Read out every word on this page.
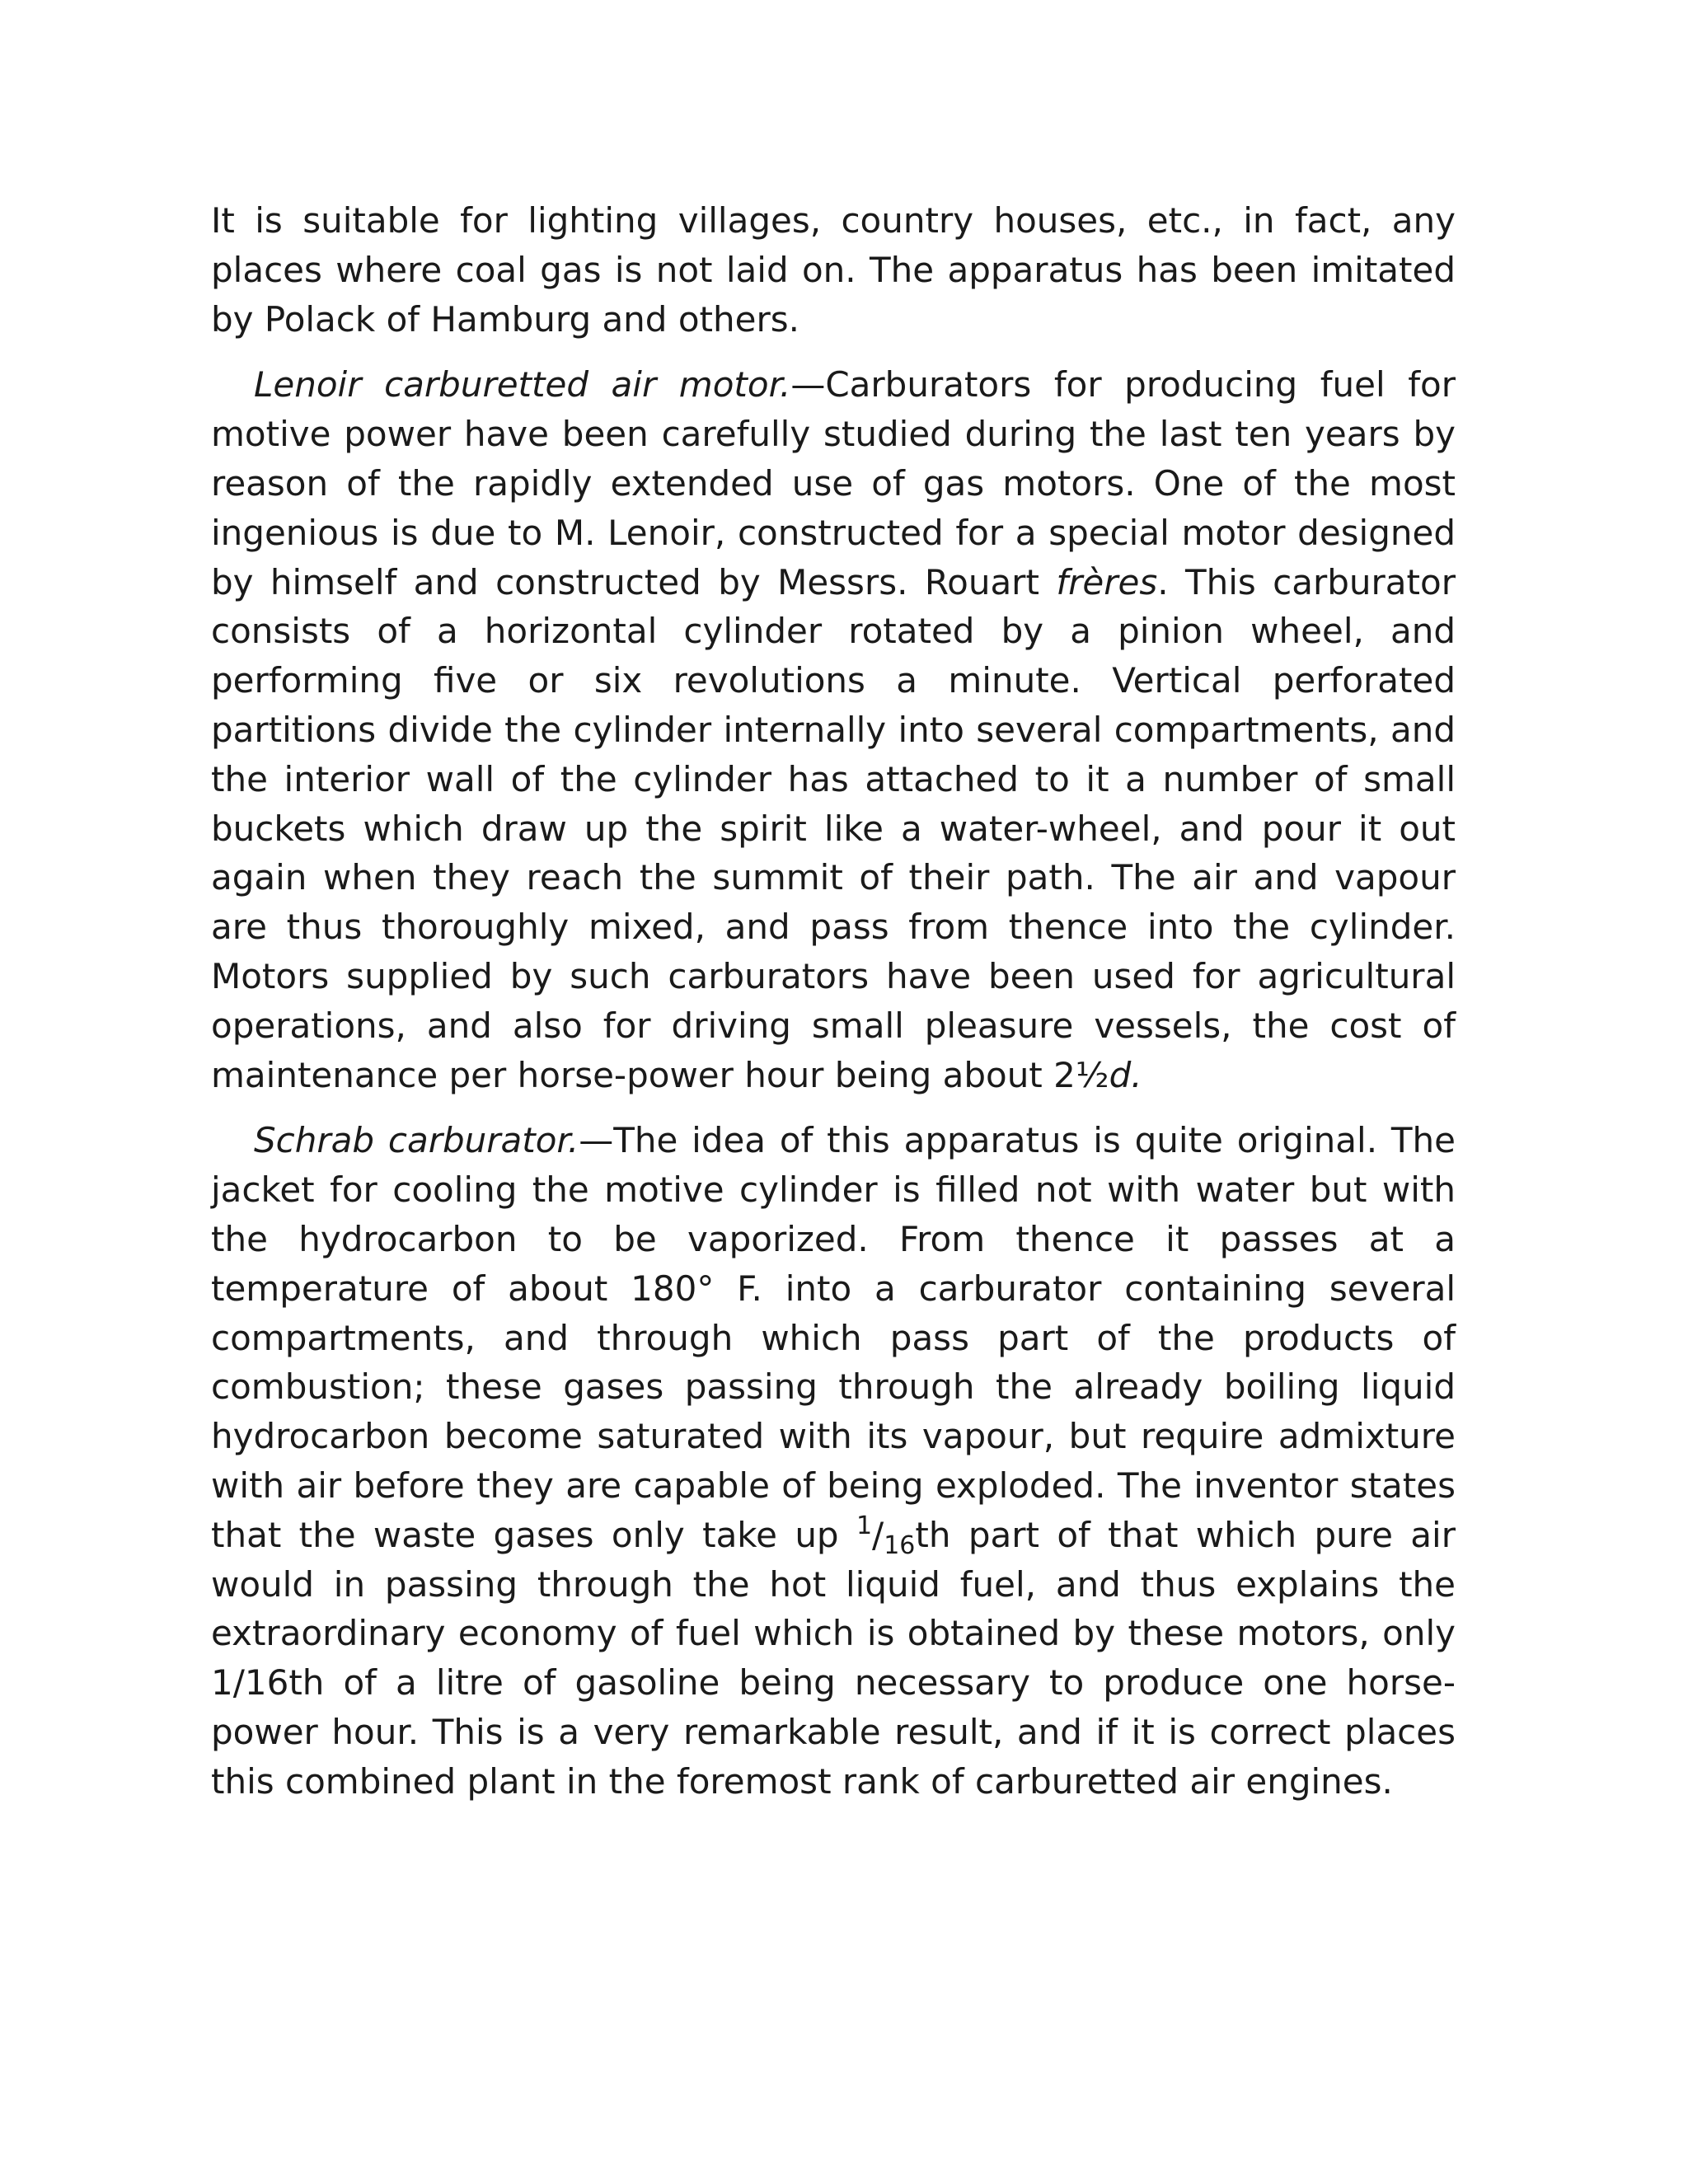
It is suitable for lighting villages, country houses, etc., in fact, any places where coal gas is not laid on. The apparatus has been imitated by Polack of Hamburg and others.

Lenoir carburetted air motor.—Carburators for producing fuel for motive power have been carefully studied during the last ten years by reason of the rapidly extended use of gas motors. One of the most ingenious is due to M. Lenoir, constructed for a special motor designed by himself and constructed by Messrs. Rouart frères. This carburator consists of a horizontal cylinder rotated by a pinion wheel, and performing five or six revolutions a minute. Vertical perforated partitions divide the cylinder internally into several compartments, and the interior wall of the cylinder has attached to it a number of small buckets which draw up the spirit like a water-wheel, and pour it out again when they reach the summit of their path. The air and vapour are thus thoroughly mixed, and pass from thence into the cylinder. Motors supplied by such carburators have been used for agricultural operations, and also for driving small pleasure vessels, the cost of maintenance per horse-power hour being about 2½d.

Schrab carburator.—The idea of this apparatus is quite original. The jacket for cooling the motive cylinder is filled not with water but with the hydrocarbon to be vaporized. From thence it passes at a temperature of about 180° F. into a carburator containing several compartments, and through which pass part of the products of combustion; these gases passing through the already boiling liquid hydrocarbon become saturated with its vapour, but require admixture with air before they are capable of being exploded. The inventor states that the waste gases only take up $^1/_{16}th$ part of that which pure air would in passing through the hot liquid fuel, and thus explains the extraordinary economy of fuel which is obtained by these motors, only 1/16th of a litre of gasoline being necessary to produce one horse-power hour. This is a very remarkable result, and if it is correct places this combined plant in the foremost rank of carburetted air engines.
